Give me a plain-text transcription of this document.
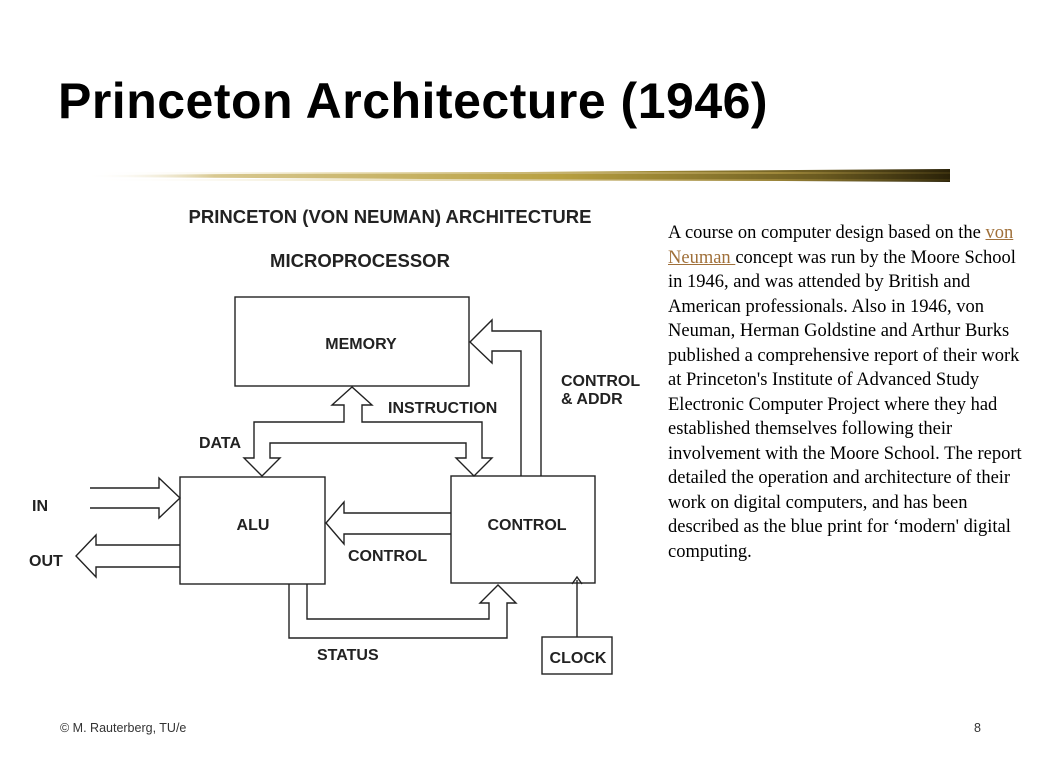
Princeton Architecture (1946)
PRINCETON (VON NEUMAN) ARCHITECTURE
MICROPROCESSOR
MEMORY
ALU	CONTROL
CLOCK
INSTRUCTION
DATA
CONTROL
& ADDR
CONTROL
STATUS
IN
OUT

A course on computer design based on the von Neuman concept was run by the Moore School in 1946, and was attended by British and American professionals. Also in 1946, von Neuman, Herman Goldstine and Arthur Burks published a comprehensive report of their work at Princeton's Institute of Advanced Study Electronic Computer Project where they had established themselves following their involvement with the Moore School. The report detailed the operation and architecture of their work on digital computers, and has been described as the blue print for ‘modern' digital computing.

© M. Rauterberg, TU/e	8
